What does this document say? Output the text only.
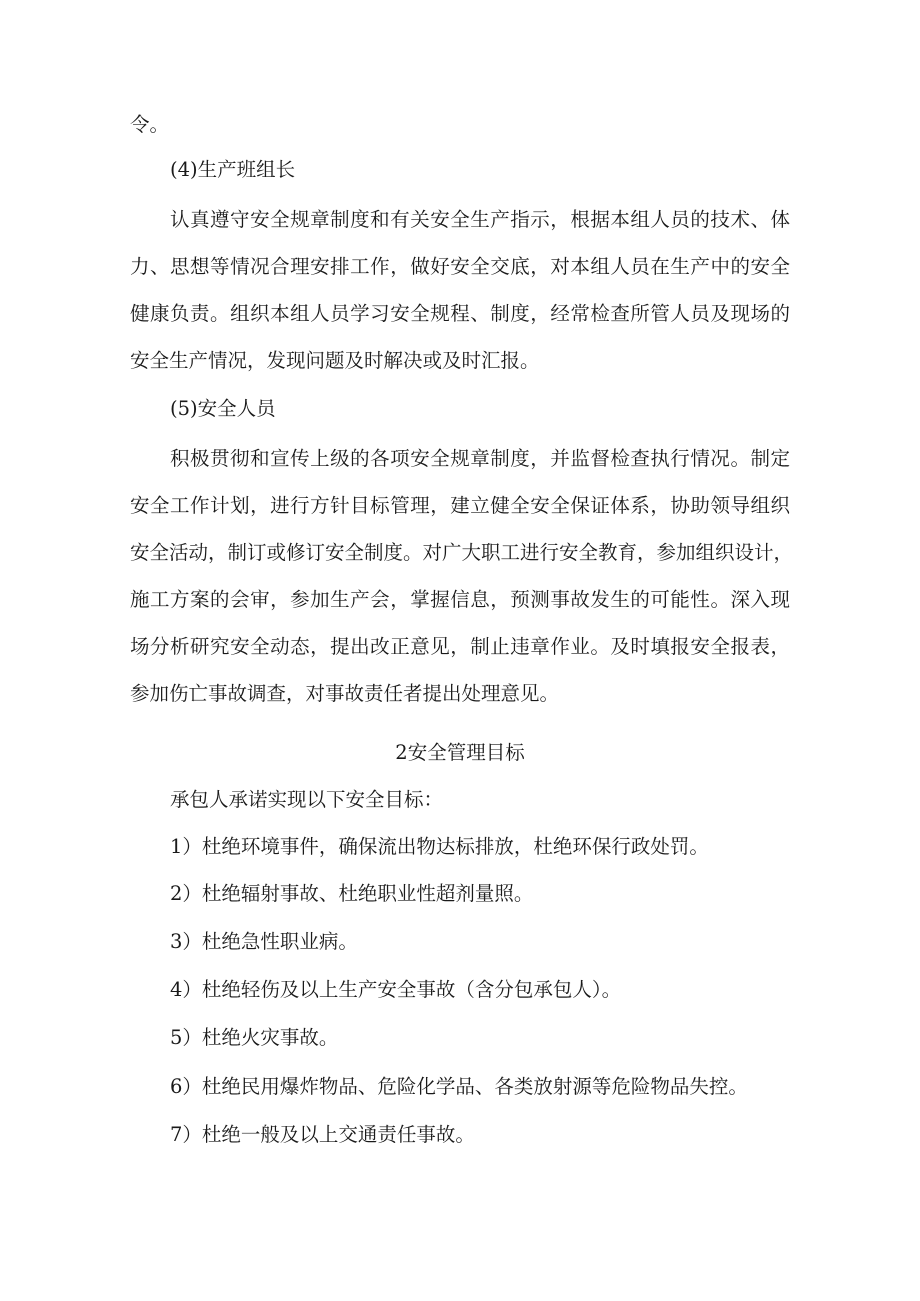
令。
(4)生产班组长
认真遵守安全规章制度和有关安全生产指示，根据本组人员的技术、体
力、思想等情况合理安排工作，做好安全交底，对本组人员在生产中的安全
健康负责。组织本组人员学习安全规程、制度，经常检查所管人员及现场的
安全生产情况，发现问题及时解决或及时汇报。
(5)安全人员
积极贯彻和宣传上级的各项安全规章制度，并监督检查执行情况。制定
安全工作计划，进行方针目标管理，建立健全安全保证体系，协助领导组织
安全活动，制订或修订安全制度。对广大职工进行安全教育，参加组织设计，
施工方案的会审，参加生产会，掌握信息，预测事故发生的可能性。深入现
场分析研究安全动态，提出改正意见，制止违章作业。及时填报安全报表，
参加伤亡事故调查，对事故责任者提出处理意见。
2安全管理目标
承包人承诺实现以下安全目标：
1）杜绝环境事件，确保流出物达标排放，杜绝环保行政处罚。
2）杜绝辐射事故、杜绝职业性超剂量照。
3）杜绝急性职业病。
4）杜绝轻伤及以上生产安全事故（含分包承包人）。
5）杜绝火灾事故。
6）杜绝民用爆炸物品、危险化学品、各类放射源等危险物品失控。
7）杜绝一般及以上交通责任事故。
